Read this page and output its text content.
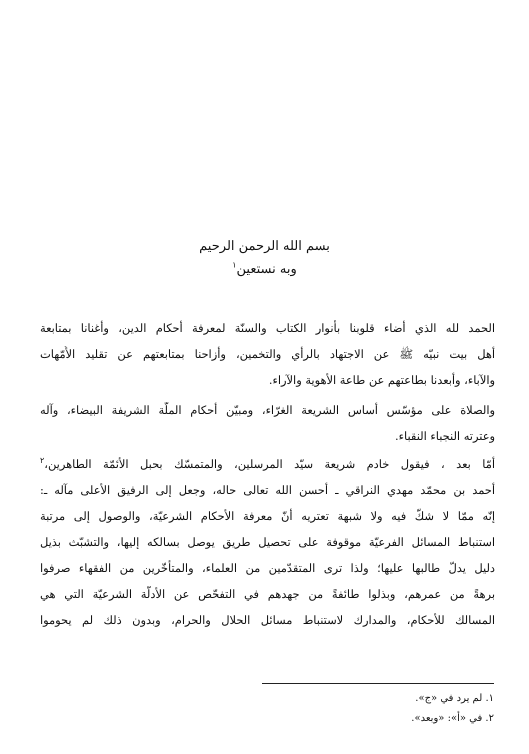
بسم الله الرحمن الرحيم
وبه نستعين$^١$
الحمد لله الذي أضاء قلوبنا بأنوار الكتاب والسنّة لمعرفة أحكام الدين، وأغنانا بمتابعة
أهل بيت نبيّه ﷺ عن الاجتهاد بالرأي والتخمين، وأزاحنا بمتابعتهم عن تقليد الأُمّهات
والآباء، وأبعدنا بطاعتهم عن طاعة الأهوية والآراء.
والصلاة على مؤسّس أساس الشريعة الغرّاء، ومبيّن أحكام الملّة الشريفة البيضاء، وآله
وعترته النجباء النقباء.
أمّا بعد ، فيقول خادم شريعة سيّد المرسلين، والمتمسّك بحبل الأئمّة الطاهرين،$^٢$
أحمد بن محمّد مهدي النراقي ـ أحسن الله تعالى حاله، وجعل إلى الرفيق الأعلى مآله ـ:
إنّه ممّا لا شكّ فيه ولا شبهة تعتريه أنّ معرفة الأحكام الشرعيّة، والوصول إلى مرتبة
استنباط المسائل الفرعيّة موقوفة على تحصيل طريق يوصل بسالكه إليها، والتشبّث بذيل
دليل يدلّ طالبها عليها؛ ولذا ترى المتقدّمين من العلماء، والمتأخّرين من الفقهاء صرفوا
برهةً من عمرهم، وبذلوا طائفةً من جهدهم في التفحّص عن الأدلّة الشرعيّة التي هي
المسالك للأحكام، والمدارك لاستنباط مسائل الحلال والحرام، وبدون ذلك لم يحوموا
١. لم يرد في «ج».
٢. في «أ»: «وبعد».
